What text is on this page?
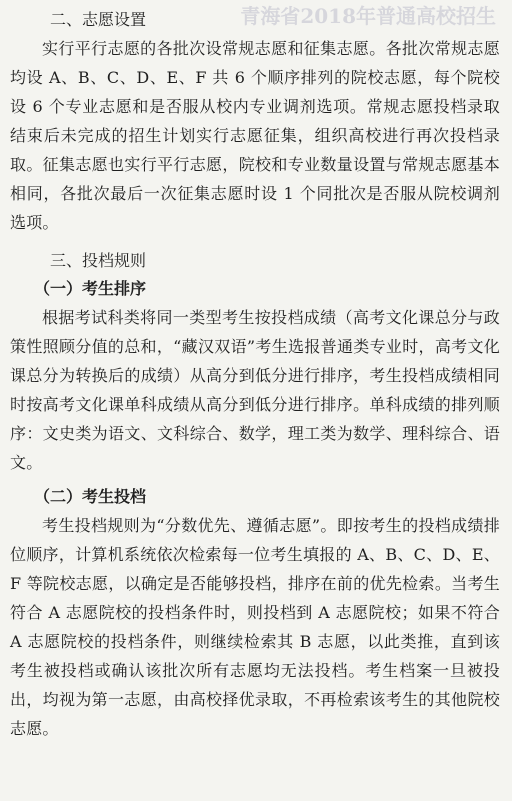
青海省2018年普通高校招生
二、志愿设置

实行平行志愿的各批次设常规志愿和征集志愿。各批次常规志愿均设 A、B、C、D、E、F 共 6 个顺序排列的院校志愿，每个院校设 6 个专业志愿和是否服从校内专业调剂选项。常规志愿投档录取结束后未完成的招生计划实行志愿征集，组织高校进行再次投档录取。征集志愿也实行平行志愿，院校和专业数量设置与常规志愿基本相同，各批次最后一次征集志愿时设 1 个同批次是否服从院校调剂选项。

三、投档规则
（一）考生排序

根据考试科类将同一类型考生按投档成绩（高考文化课总分与政策性照顾分值的总和，“藏汉双语”考生选报普通类专业时，高考文化课总分为转换后的成绩）从高分到低分进行排序，考生投档成绩相同时按高考文化课单科成绩从高分到低分进行排序。单科成绩的排列顺序：文史类为语文、文科综合、数学，理工类为数学、理科综合、语文。

（二）考生投档

考生投档规则为“分数优先、遵循志愿”。即按考生的投档成绩排位顺序，计算机系统依次检索每一位考生填报的 A、B、C、D、E、F 等院校志愿，以确定是否能够投档，排序在前的优先检索。当考生符合 A 志愿院校的投档条件时，则投档到 A 志愿院校；如果不符合 A 志愿院校的投档条件，则继续检索其 B 志愿，以此类推，直到该考生被投档或确认该批次所有志愿均无法投档。考生档案一旦被投出，均视为第一志愿，由高校择优录取，不再检索该考生的其他院校志愿。
